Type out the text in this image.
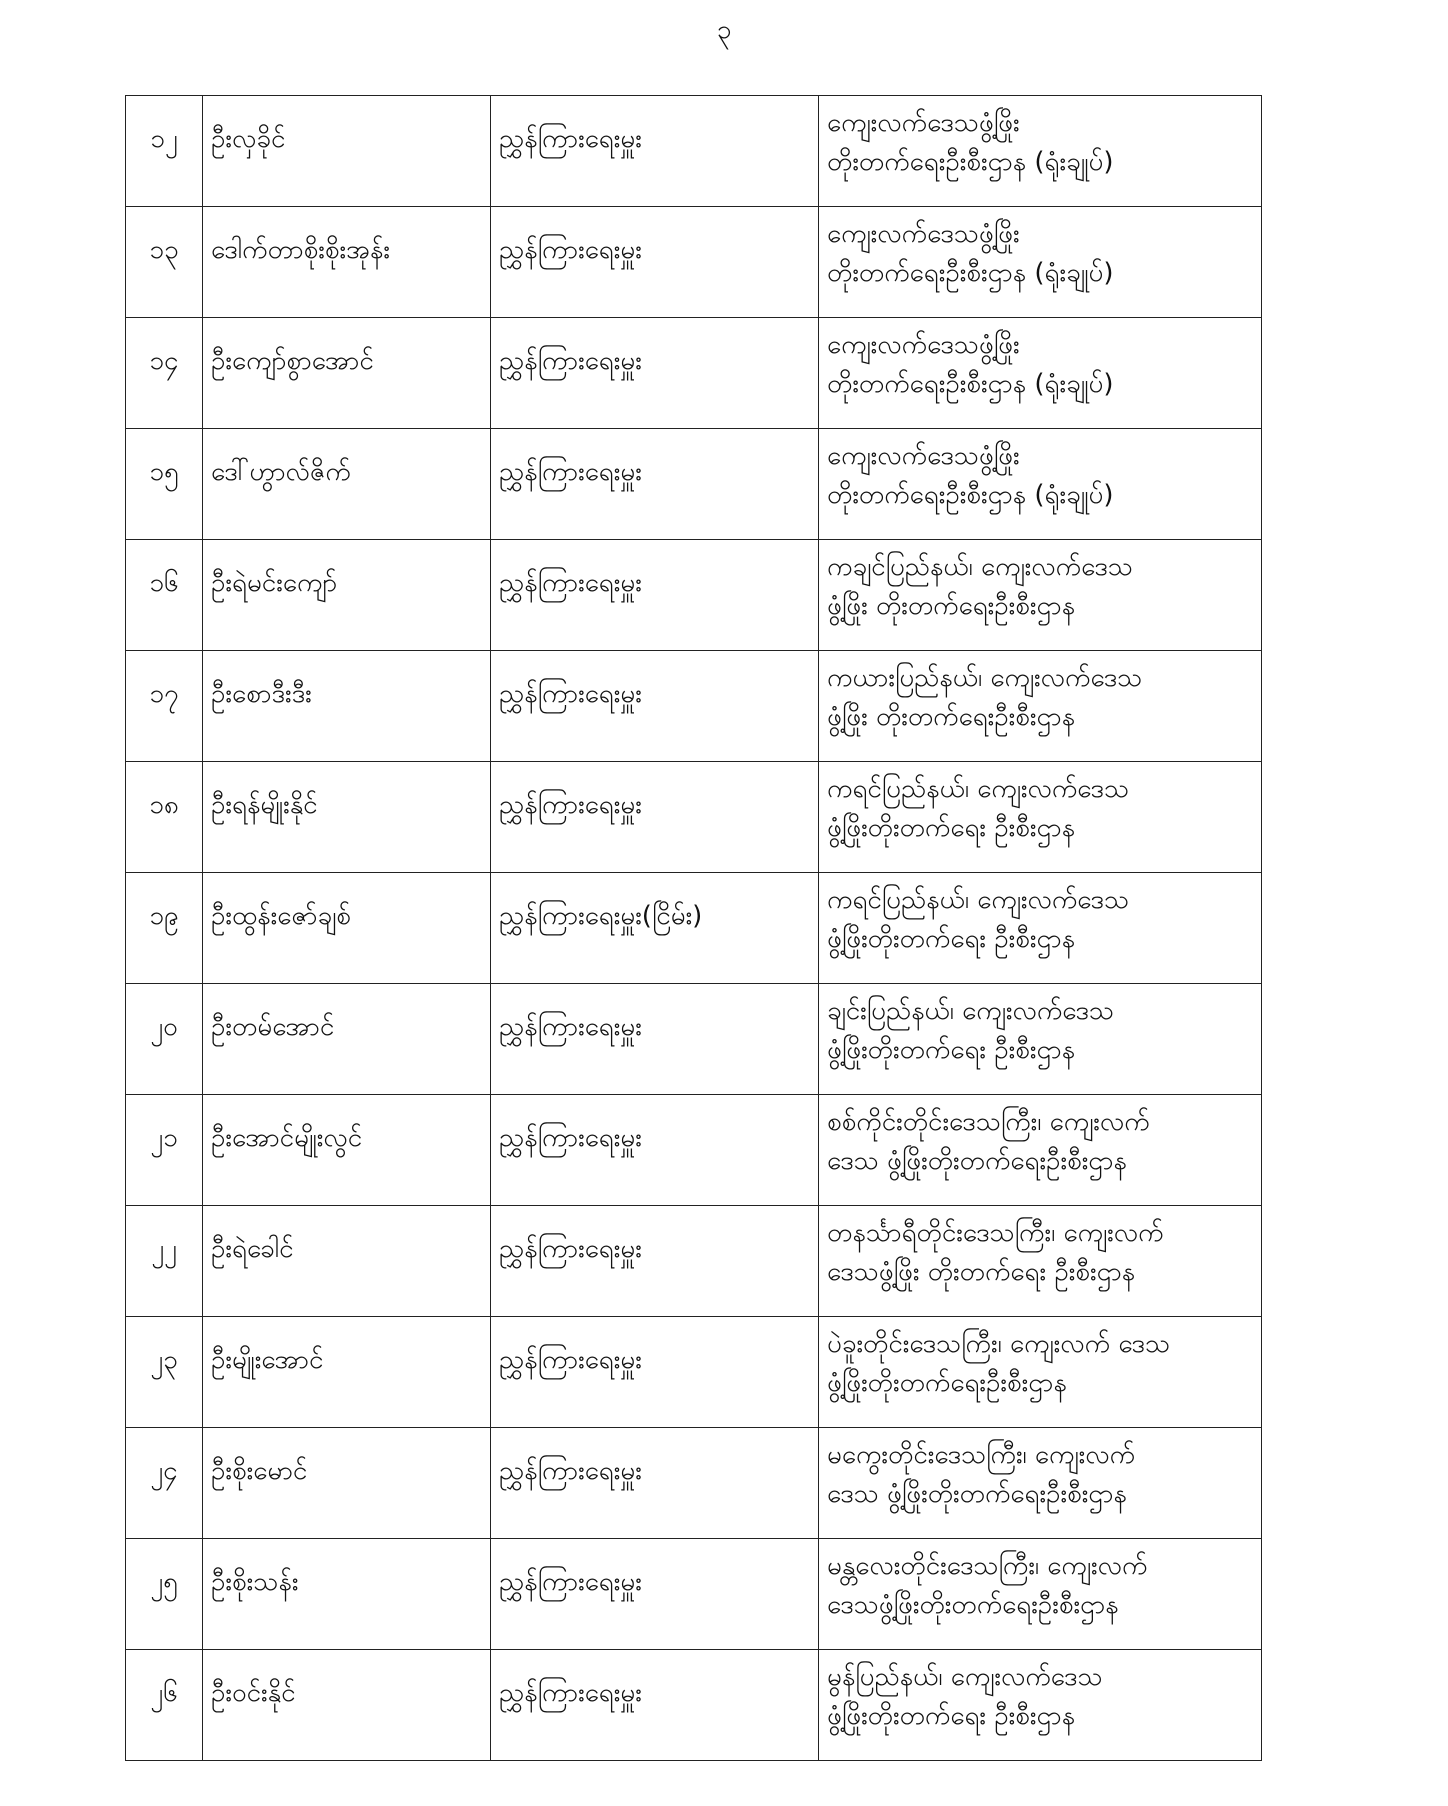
၃
၁၂	ဦးလှခိုင်	ညွှန်ကြားရေးမှူး	ကျေးလက်ဒေသဖွံ့ဖြိုး
တိုးတက်ရေးဦးစီးဌာန (ရုံးချုပ်)

၁၃	ဒေါက်တာစိုးစိုးအုန်း	ညွှန်ကြားရေးမှူး	ကျေးလက်ဒေသဖွံ့ဖြိုး
တိုးတက်ရေးဦးစီးဌာန (ရုံးချုပ်)

၁၄	ဦးကျော်စွာအောင်	ညွှန်ကြားရေးမှူး	ကျေးလက်ဒေသဖွံ့ဖြိုး
တိုးတက်ရေးဦးစီးဌာန (ရုံးချုပ်)

၁၅	ဒေါ်ဟွာလ်ဇိက်	ညွှန်ကြားရေးမှူး	ကျေးလက်ဒေသဖွံ့ဖြိုး
တိုးတက်ရေးဦးစီးဌာန (ရုံးချုပ်)

၁၆	ဦးရဲမင်းကျော်	ညွှန်ကြားရေးမှူး	ကချင်ပြည်နယ်၊ ကျေးလက်ဒေသ
ဖွံ့ဖြိုး တိုးတက်ရေးဦးစီးဌာန

၁၇	ဦးစောဒီးဒီး	ညွှန်ကြားရေးမှူး	ကယားပြည်နယ်၊ ကျေးလက်ဒေသ
ဖွံ့ဖြိုး တိုးတက်ရေးဦးစီးဌာန

၁၈	ဦးရန်မျိုးနိုင်	ညွှန်ကြားရေးမှူး	ကရင်ပြည်နယ်၊ ကျေးလက်ဒေသ
ဖွံ့ဖြိုးတိုးတက်ရေး ဦးစီးဌာန

၁၉	ဦးထွန်းဇော်ချစ်	ညွှန်ကြားရေးမှူး(ငြိမ်း)	ကရင်ပြည်နယ်၊ ကျေးလက်ဒေသ
ဖွံ့ဖြိုးတိုးတက်ရေး ဦးစီးဌာန

၂၀	ဦးတမ်အောင်	ညွှန်ကြားရေးမှူး	ချင်းပြည်နယ်၊ ကျေးလက်ဒေသ
ဖွံ့ဖြိုးတိုးတက်ရေး ဦးစီးဌာန

၂၁	ဦးအောင်မျိုးလွင်	ညွှန်ကြားရေးမှူး	စစ်ကိုင်းတိုင်းဒေသကြီး၊ ကျေးလက်
ဒေသ ဖွံ့ဖြိုးတိုးတက်ရေးဦးစီးဌာန

၂၂	ဦးရဲခေါင်	ညွှန်ကြားရေးမှူး	တနင်္သာရီတိုင်းဒေသကြီး၊ ကျေးလက်
ဒေသဖွံ့ဖြိုး တိုးတက်ရေး ဦးစီးဌာန

၂၃	ဦးမျိုးအောင်	ညွှန်ကြားရေးမှူး	ပဲခူးတိုင်းဒေသကြီး၊ ကျေးလက် ဒေသ
ဖွံ့ဖြိုးတိုးတက်ရေးဦးစီးဌာန

၂၄	ဦးစိုးမောင်	ညွှန်ကြားရေးမှူး	မကွေးတိုင်းဒေသကြီး၊ ကျေးလက်
ဒေသ ဖွံ့ဖြိုးတိုးတက်ရေးဦးစီးဌာန

၂၅	ဦးစိုးသန်း	ညွှန်ကြားရေးမှူး	မန္တလေးတိုင်းဒေသကြီး၊ ကျေးလက်
ဒေသဖွံ့ဖြိုးတိုးတက်ရေးဦးစီးဌာန

၂၆	ဦးဝင်းနိုင်	ညွှန်ကြားရေးမှူး	မွန်ပြည်နယ်၊ ကျေးလက်ဒေသ
ဖွံ့ဖြိုးတိုးတက်ရေး ဦးစီးဌာန
